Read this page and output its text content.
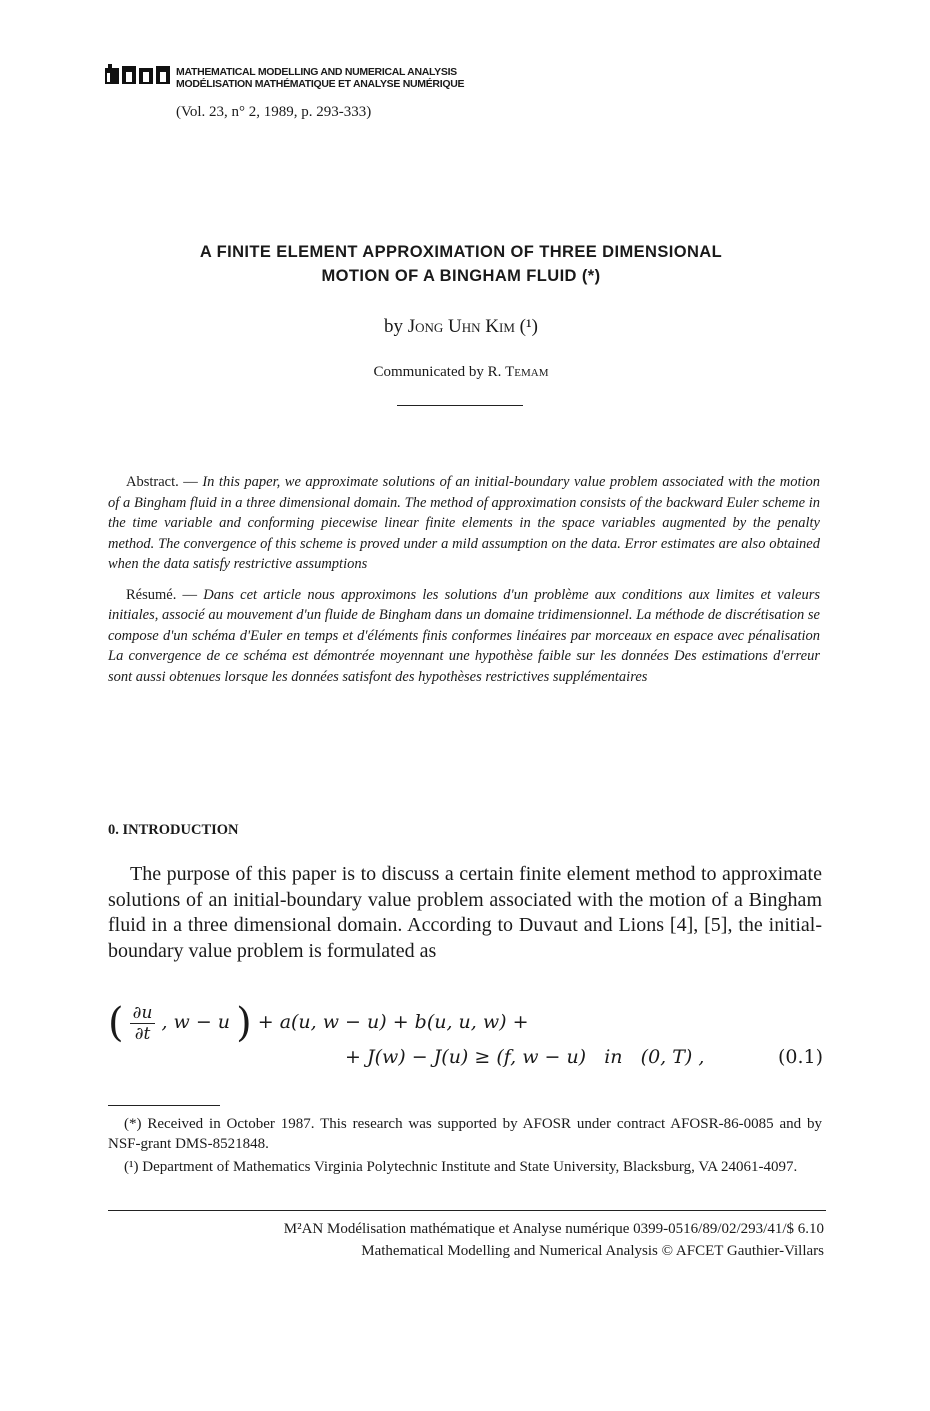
MATHEMATICAL MODELLING AND NUMERICAL ANALYSIS
MODÉLISATION MATHÉMATIQUE ET ANALYSE NUMÉRIQUE
(Vol. 23, n° 2, 1989, p. 293-333)
A FINITE ELEMENT APPROXIMATION OF THREE DIMENSIONAL
MOTION OF A BINGHAM FLUID (*)
by Jong Uhn Kim (¹)
Communicated by R. Temam

Abstract. — In this paper, we approximate solutions of an initial-boundary value problem associated with the motion of a Bingham fluid in a three dimensional domain. The method of approximation consists of the backward Euler scheme in the time variable and conforming piecewise linear finite elements in the space variables augmented by the penalty method. The convergence of this scheme is proved under a mild assumption on the data. Error estimates are also obtained when the data satisfy restrictive assumptions

Résumé. — Dans cet article nous approximons les solutions d'un problème aux conditions aux limites et valeurs initiales, associé au mouvement d'un fluide de Bingham dans un domaine tridimensionnel. La méthode de discrétisation se compose d'un schéma d'Euler en temps et d'éléments finis conformes linéaires par morceaux en espace avec pénalisation La convergence de ce schéma est démontrée moyennant une hypothèse faible sur les données Des estimations d'erreur sont aussi obtenues lorsque les données satisfont des hypothèses restrictives supplémentaires

0. INTRODUCTION

The purpose of this paper is to discuss a certain finite element method to approximate solutions of an initial-boundary value problem associated with the motion of a Bingham fluid in a three dimensional domain. According to Duvaut and Lions [4], [5], the initial-boundary value problem is formulated as

( $\frac{\partial u}{\partial t}$ , w − u ) + a(u, w − u) + b(u, u, w) +
+ J(w) − J(u) ≥ (f, w − u)   in   (0, T) ,	(0.1)

(*) Received in October 1987. This research was supported by AFOSR under contract AFOSR-86-0085 and by NSF-grant DMS-8521848.

(¹) Department of Mathematics Virginia Polytechnic Institute and State University, Blacksburg, VA 24061-4097.

M²AN Modélisation mathématique et Analyse numérique 0399-0516/89/02/293/41/$ 6.10
Mathematical Modelling and Numerical Analysis © AFCET Gauthier-Villars
